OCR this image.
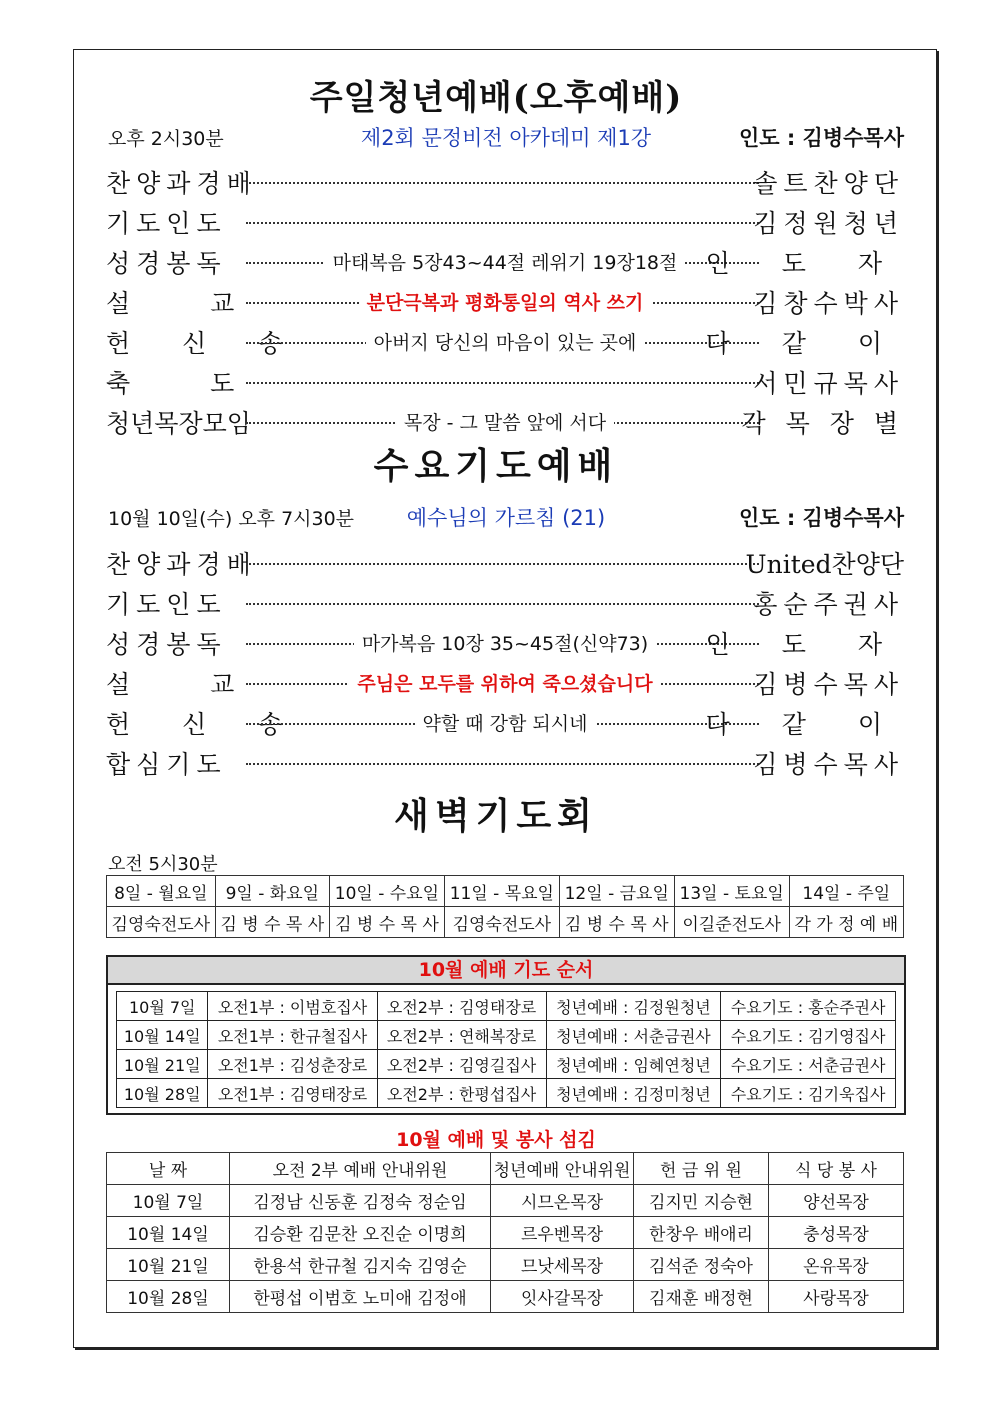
주일청년예배(오후예배)
오후 2시30분	제2회 문정비전 아카데미 제1강	인도 : 김병수목사
찬양과경배	솔트찬양단
기도인도	김정원청년
성경봉독	마태복음 5장43~44절 레위기 19장18절	인 도 자
설 교	분단극복과 평화통일의 역사 쓰기	김창수박사
헌 신 송	아버지 당신의 마음이 있는 곳에	다 같 이
축 도	서민규목사
청년목장모임	목장 - 그 말씀 앞에 서다	각 목 장 별
수요기도예배
10월 10일(수) 오후 7시30분	예수님의 가르침 (21)	인도 : 김병수목사
찬양과경배	United찬양단
기도인도	홍순주권사
성경봉독	마가복음 10장 35~45절(신약73)	인 도 자
설 교	주님은 모두를 위하여 죽으셨습니다	김병수목사
헌 신 송	약할 때 강함 되시네	다 같 이
합심기도	김병수목사
새벽기도회
오전 5시30분
8일 - 월요일	9일 - 화요일	10일 - 수요일	11일 - 목요일	12일 - 금요일	13일 - 토요일	14일 - 주일
김영숙전도사	김 병 수 목 사	김 병 수 목 사	김영숙전도사	김 병 수 목 사	이길준전도사	각 가 정 예 배
10월 예배 기도 순서
10월 7일	오전1부 : 이범호집사	오전2부 : 김영태장로	청년예배 : 김정원청년	수요기도 : 홍순주권사
10월 14일	오전1부 : 한규철집사	오전2부 : 연해복장로	청년예배 : 서춘금권사	수요기도 : 김기영집사
10월 21일	오전1부 : 김성춘장로	오전2부 : 김영길집사	청년예배 : 임혜연청년	수요기도 : 서춘금권사
10월 28일	오전1부 : 김영태장로	오전2부 : 한평섭집사	청년예배 : 김정미청년	수요기도 : 김기욱집사
10월 예배 및 봉사 섬김
날 짜	오전 2부 예배 안내위원	청년예배 안내위원	헌 금 위 원	식 당 봉 사
10월 7일	김정남 신동훈 김정숙 정순임	시므온목장	김지민 지승현	양선목장
10월 14일	김승환 김문찬 오진순 이명희	르우벤목장	한창우 배애리	충성목장
10월 21일	한용석 한규철 김지숙 김영순	므낫세목장	김석준 정숙아	온유목장
10월 28일	한평섭 이범호 노미애 김정애	잇사갈목장	김재훈 배정현	사랑목장
